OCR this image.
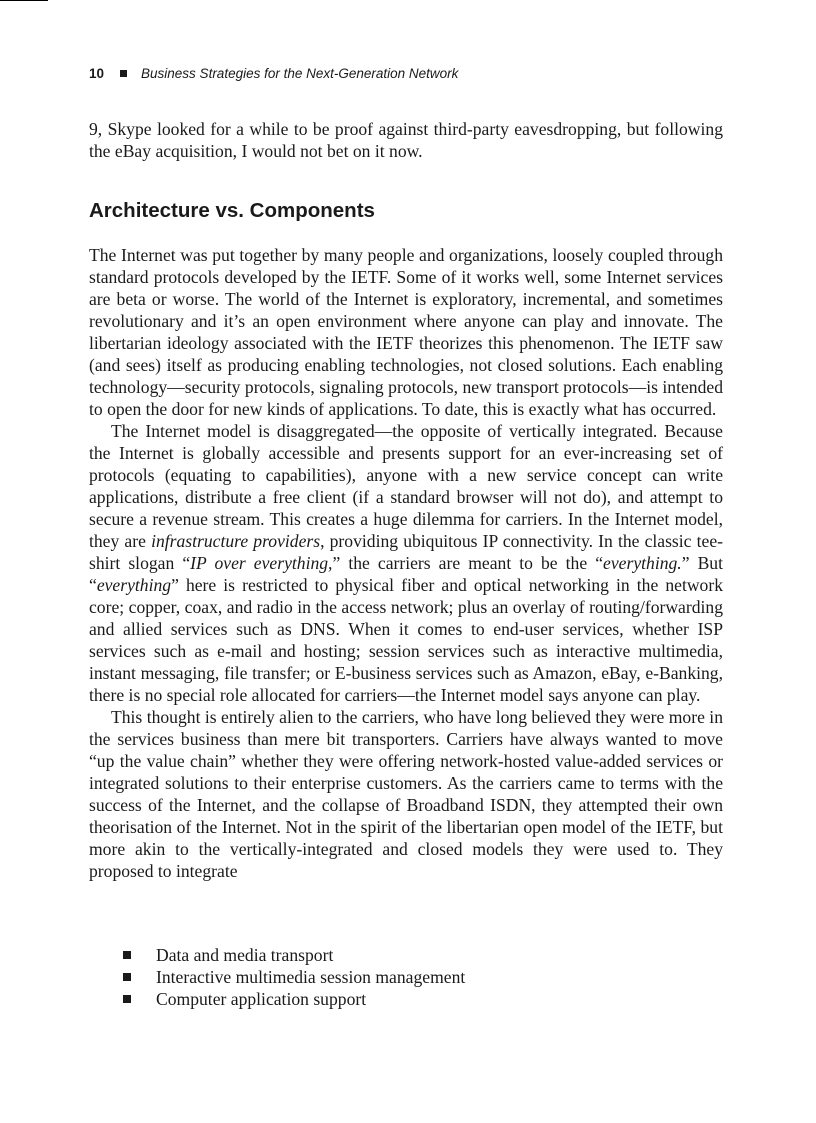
10	Business Strategies for the Next-Generation Network

9, Skype looked for a while to be proof against third-party eavesdropping, but following the eBay acquisition, I would not bet on it now.

Architecture vs. Components

The Internet was put together by many people and organizations, loosely coupled through standard protocols developed by the IETF. Some of it works well, some Internet services are beta or worse. The world of the Internet is exploratory, incremental, and sometimes revolutionary and it’s an open environment where anyone can play and innovate. The libertarian ideology associated with the IETF theorizes this phenomenon. The IETF saw (and sees) itself as producing enabling technologies, not closed solutions. Each enabling technology—security protocols, signaling protocols, new transport protocols—is intended to open the door for new kinds of applications. To date, this is exactly what has occurred.

The Internet model is disaggregated—the opposite of vertically integrated. Because the Internet is globally accessible and presents support for an ever-increasing set of protocols (equating to capabilities), anyone with a new service concept can write applications, distribute a free client (if a standard browser will not do), and attempt to secure a revenue stream. This creates a huge dilemma for carriers. In the Internet model, they are infrastructure providers, providing ubiquitous IP connectivity. In the classic tee-shirt slogan “IP over everything,” the carriers are meant to be the “everything.” But “everything” here is restricted to physical fiber and optical networking in the network core; copper, coax, and radio in the access network; plus an overlay of routing/forwarding and allied services such as DNS. When it comes to end-user services, whether ISP services such as e-mail and hosting; session services such as interactive multimedia, instant messaging, file transfer; or E-business services such as Amazon, eBay, e-Banking, there is no special role allocated for carriers—the Internet model says anyone can play.

This thought is entirely alien to the carriers, who have long believed they were more in the services business than mere bit transporters. Carriers have always wanted to move “up the value chain” whether they were offering network-hosted value-added services or integrated solutions to their enterprise customers. As the carriers came to terms with the success of the Internet, and the collapse of Broadband ISDN, they attempted their own theorisation of the Internet. Not in the spirit of the libertarian open model of the IETF, but more akin to the vertically-integrated and closed models they were used to. They proposed to integrate

Data and media transport
Interactive multimedia session management
Computer application support
